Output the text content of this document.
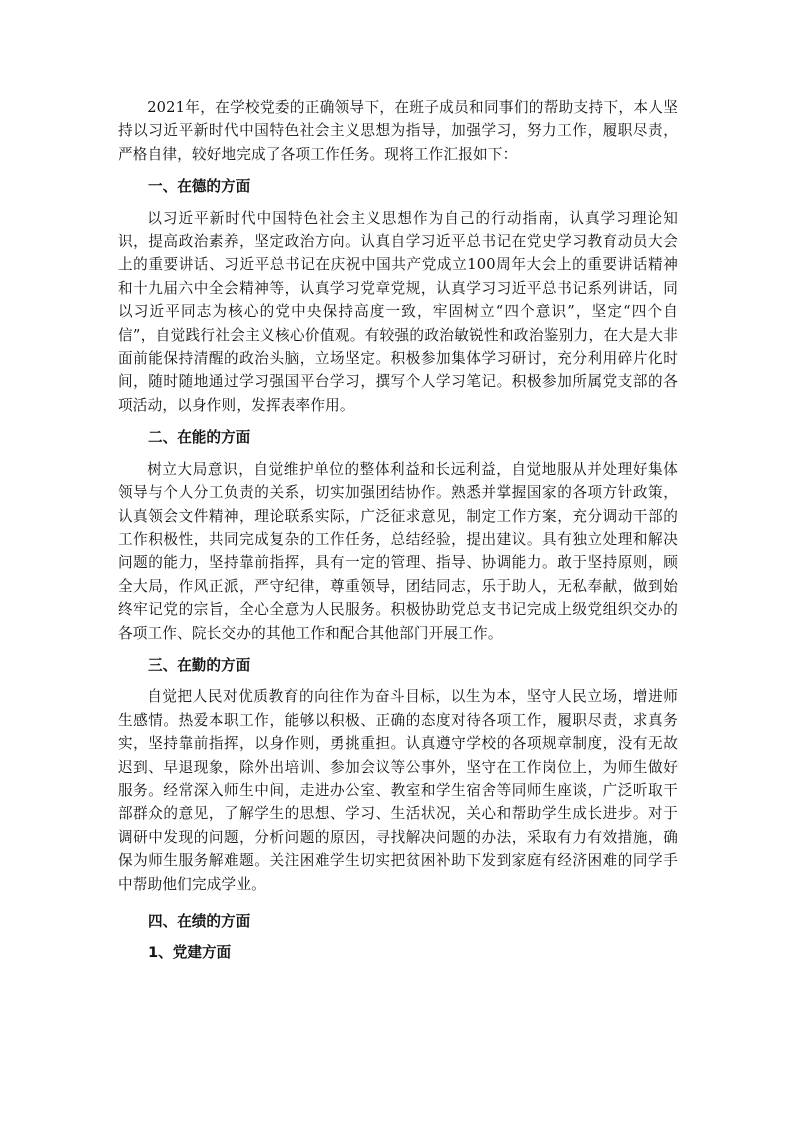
2021年，在学校党委的正确领导下，在班子成员和同事们的帮助支持下，本人坚持以习近平新时代中国特色社会主义思想为指导，加强学习，努力工作，履职尽责，严格自律，较好地完成了各项工作任务。现将工作汇报如下：

一、在德的方面

以习近平新时代中国特色社会主义思想作为自己的行动指南，认真学习理论知识，提高政治素养，坚定政治方向。认真自学习近平总书记在党史学习教育动员大会上的重要讲话、习近平总书记在庆祝中国共产党成立100周年大会上的重要讲话精神和十九届六中全会精神等，认真学习党章党规，认真学习习近平总书记系列讲话，同以习近平同志为核心的党中央保持高度一致，牢固树立“四个意识”，坚定“四个自信”，自觉践行社会主义核心价值观。有较强的政治敏锐性和政治鉴别力，在大是大非面前能保持清醒的政治头脑，立场坚定。积极参加集体学习研讨，充分利用碎片化时间，随时随地通过学习强国平台学习，撰写个人学习笔记。积极参加所属党支部的各项活动，以身作则，发挥表率作用。

二、在能的方面

树立大局意识，自觉维护单位的整体利益和长远利益，自觉地服从并处理好集体领导与个人分工负责的关系，切实加强团结协作。熟悉并掌握国家的各项方针政策，认真领会文件精神，理论联系实际，广泛征求意见，制定工作方案，充分调动干部的工作积极性，共同完成复杂的工作任务，总结经验，提出建议。具有独立处理和解决问题的能力，坚持靠前指挥，具有一定的管理、指导、协调能力。敢于坚持原则，顾全大局，作风正派，严守纪律，尊重领导，团结同志，乐于助人，无私奉献，做到始终牢记党的宗旨，全心全意为人民服务。积极协助党总支书记完成上级党组织交办的各项工作、院长交办的其他工作和配合其他部门开展工作。

三、在勤的方面

自觉把人民对优质教育的向往作为奋斗目标，以生为本，坚守人民立场，增进师生感情。热爱本职工作，能够以积极、正确的态度对待各项工作，履职尽责，求真务实，坚持靠前指挥，以身作则，勇挑重担。认真遵守学校的各项规章制度，没有无故迟到、早退现象，除外出培训、参加会议等公事外，坚守在工作岗位上，为师生做好服务。经常深入师生中间，走进办公室、教室和学生宿舍等同师生座谈，广泛听取干部群众的意见，了解学生的思想、学习、生活状况，关心和帮助学生成长进步。对于调研中发现的问题，分析问题的原因，寻找解决问题的办法，采取有力有效措施，确保为师生服务解难题。关注困难学生切实把贫困补助下发到家庭有经济困难的同学手中帮助他们完成学业。

四、在绩的方面

1、党建方面
